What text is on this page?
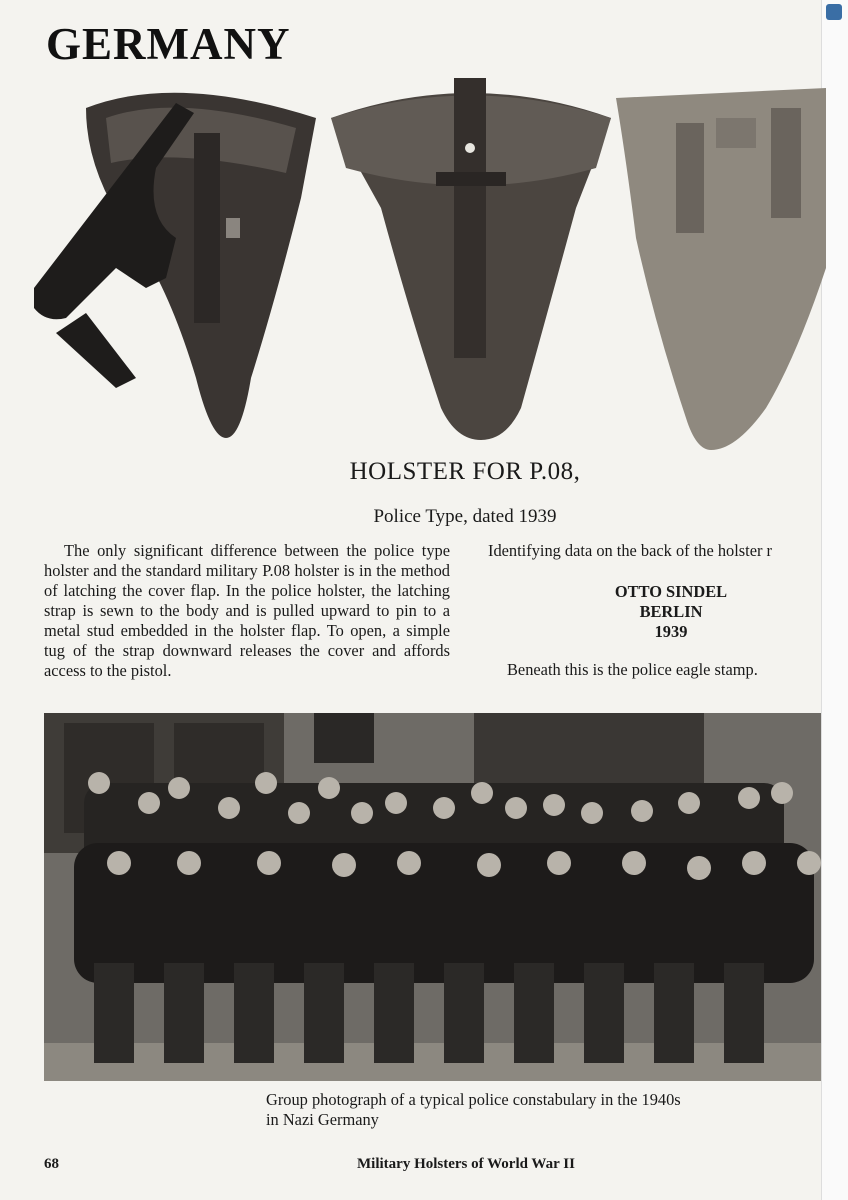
GERMANY
HOLSTER FOR P.08,
Police Type, dated 1939
The only significant difference between the police type holster and the standard military P.08 holster is in the method of latching the cover flap. In the police holster, the latching strap is sewn to the body and is pulled upward to pin to a metal stud embedded in the holster flap. To open, a simple tug of the strap downward releases the cover and affords access to the pistol.
Identifying data on the back of the holster r
OTTO SINDEL
BERLIN
1939
Beneath this is the police eagle stamp.
Group photograph of a typical police constabulary in the 1940s in Nazi Germany
68	Military Holsters of World War II
